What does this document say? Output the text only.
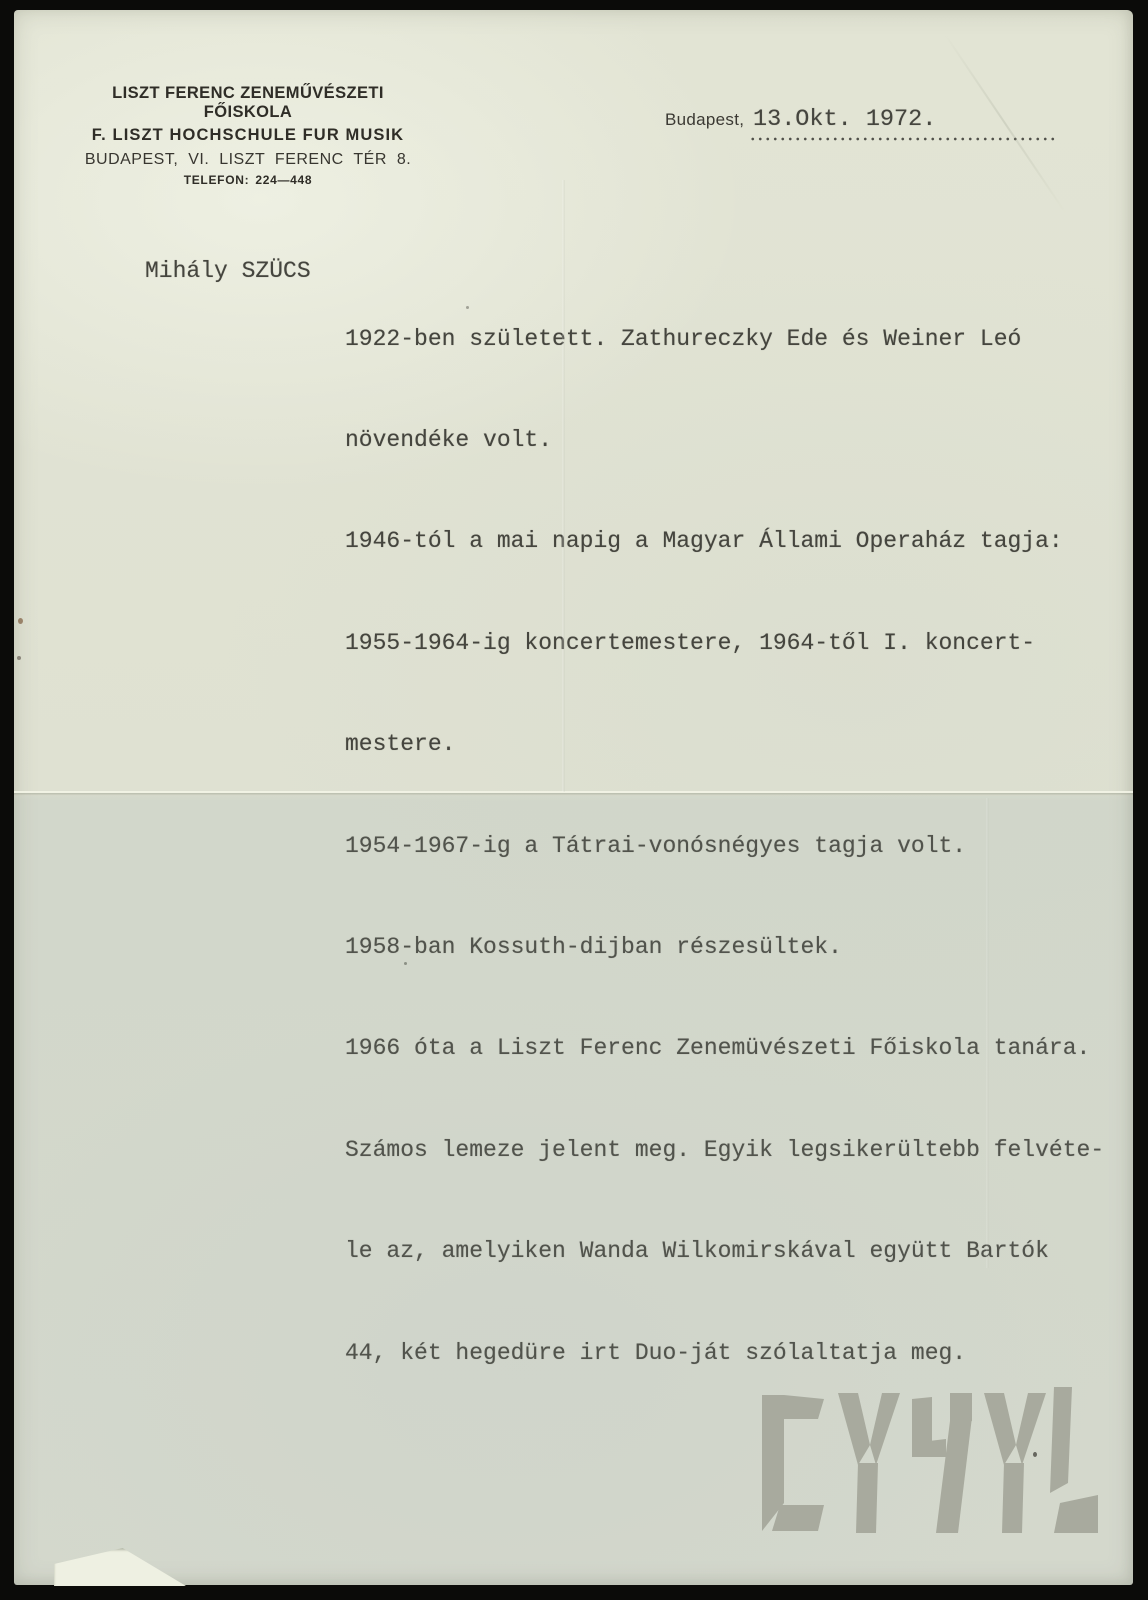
LISZT FERENC ZENEMŰVÉSZETI FŐISKOLA
F. LISZT HOCHSCHULE FUR MUSIK
BUDAPEST, VI. LISZT FERENC TÉR 8.
TELEFON: 224—448
Budapest, 13.Okt. 1972.
Mihály SZÜCS

1922-ben született. Zathureczky Ede és Weiner Leó

növendéke volt.

1946-tól a mai napig a Magyar Állami Operaház tagja:

1955-1964-ig koncertemestere, 1964-től I. koncert-

mestere.

1954-1967-ig a Tátrai-vonósnégyes tagja volt.

1958-ban Kossuth-dijban részesültek.

1966 óta a Liszt Ferenc Zenemüvészeti Főiskola tanára.

Számos lemeze jelent meg. Egyik legsikerültebb felvéte-

le az, amelyiken Wanda Wilkomirskával együtt Bartók

44, két hegedüre irt Duo-ját szólaltatja meg.
